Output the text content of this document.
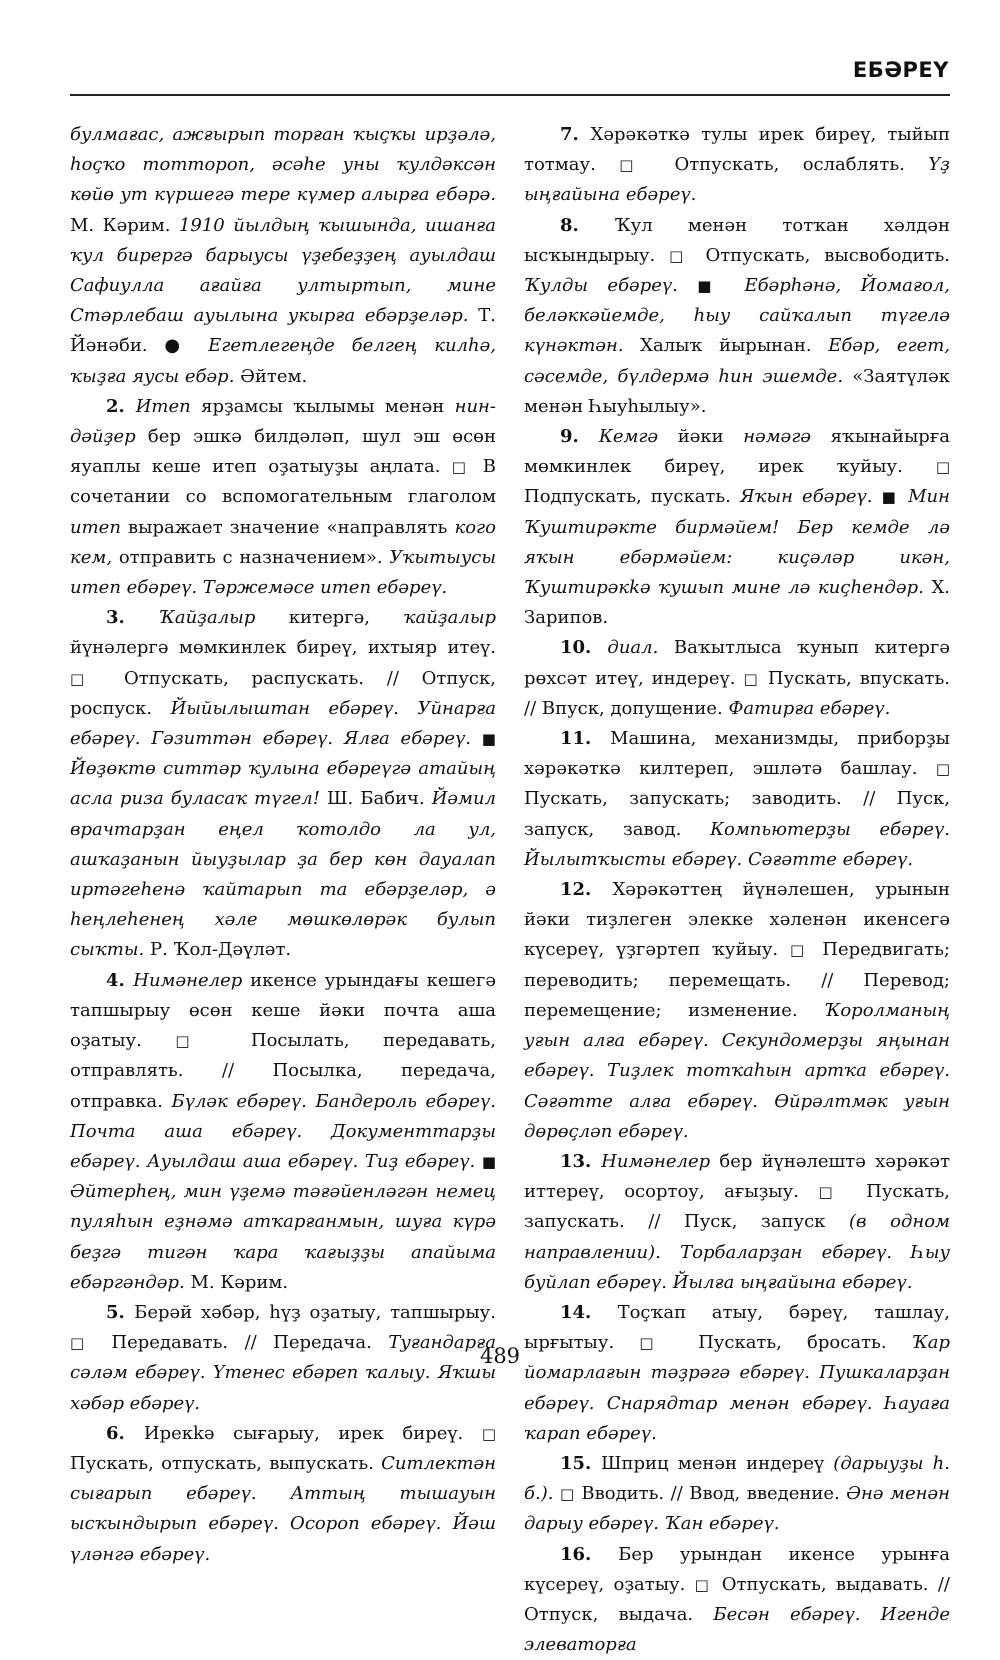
ЕБӘРЕҮ

булмағас, ажғырып торған ҡыҫҡы ирҙәлә, һоҫҡо тотторoп, әсәһе уны ҡулдәксән көйө ут күршегә тере күмер алырға ебәрә. М. Кәрим. 1910 йылдың ҡышында, ишанға ҡул бирергә барыусы үҙебеҙҙең ауылдаш Сафиулла ағайға ултыртып, мине Стәрлебаш ауылына укырға ебәрҙеләр. Т. Йәнәби. ● Егетлегеңде белгең килһә, ҡыҙға яусы ебәр. Әйтем.

2. Итеп ярҙамсы ҡылымы менән нин-дәйҙер бер эшкә билдәләп, шул эш өсөн яуаплы кеше итеп оҙатыуҙы аңлата. □ В сочетании со вспомогательным глаголом итеп выражает значение «направлять кого кем, отправить с назначением». Уҡытыусы итеп ебәреү. Тәржемәсе итеп ебәреү.

3. Ҡайҙалыр китергә, ҡайҙалыр йүнәлергә мөмкинлек биреү, ихтыяр итеү. □ Отпускать, распускать. // Отпуск, роспуск. Йыйылыштан ебәреү. Уйнарға ебәреү. Гәзиттән ебәреү. Ялға ебәреү. ■ Йөҙөктө ситтәр ҡулына ебәреүгә атайың асла риза буласаҡ түгел! Ш. Бабич. Йәмил врачтарҙан еңел ҡотолдо ла ул, ашҡаҙанын йыуҙылар ҙа бер көн дауалап иртәгеһенә ҡайтарып та ебәрҙеләр, ә һеңлеһенең хәле мөшкөлөрәк булып сыҡты. Р. Ҡол-Дәүләт.

4. Нимәнелер икенсе урындағы кешегә тапшырыу өсөн кеше йәки почта аша оҙатыу. □ Посылать, передавать, отправлять. // Посылка, передача, отправка. Бүләк ебәреү. Бандероль ебәреү. Почта аша ебәреү. Документтарҙы ебәреү. Ауылдаш аша ебәреү. Тиҙ ебәреү. ■ Әйтерһең, мин үҙемә тәғәйенләгән немец пуляһын еҙнәмә атҡарғанмын, шуға күрә беҙгә тигән ҡара ҡағыҙҙы апайыма ебәргәндәр. М. Кәрим.

5. Берәй хәбәр, һүҙ оҙатыу, тапшырыу. □ Передавать. // Передача. Туғандарға сәләм ебәреү. Үтенес ебәреп ҡалыу. Яҡшы хәбәр ебәреү.

6. Ирекkә сығарыу, ирек биреү. □ Пускать, отпускать, выпускать. Ситлектән сығарып ебәреү. Аттың тышауын ысҡындырып ебәреү. Осороп ебәреү. Йәш үләнгә ебәреү.

7. Хәрәкәткә тулы ирек биреү, тыйып тотмау. □ Отпускать, ослаблять. Үҙ ыңғайына ебәреү.

8. Ҡул менән тотҡан хәлдән ысҡындырыу. □ Отпускать, высвободить. Ҡулды ебәреү. ■ Ебәрһәнә, Йомағол, беләккәйемде, һыу сайҡалып түгелә күнәктән. Халыҡ йырынан. Ебәр, егет, сәсемде, бүлдермә һин эшемде. «Заятүләк менән Һыуһылыу».

9. Кемгә йәки нәмәгә яҡынайырға мөмкинлек биреү, ирек ҡуйыу. □ Подпускать, пускать. Яҡын ебәреү. ■ Мин Ҡуштирәкте бирмәйем! Бер кемде лә яҡын ебәрмәйем: киҫәләр икән, Ҡуштирәкkә ҡушып мине лә киҫһендәр. Х. Зарипов.

10. диал. Ваҡытлыса ҡунып китергә рөхсәт итеү, индереү. □ Пускать, впускать. // Впуск, допущение. Фатирға ебәреү.

11. Машина, механизмды, приборҙы хәрәкәткә килтереп, эшләтә башлау. □ Пускать, запускать; заводить. // Пуск, запуск, завод. Компьютерҙы ебәреү. Йылытҡысты ебәреү. Сәғәтте ебәреү.

12. Хәрәкәттең йүнәлешен, урынын йәки тиҙлеген элекке хәленән икенсегә күсереү, үҙгәртеп ҡуйыу. □ Передвигать; переводить; перемещать. // Перевод; перемещение; изменение. Ҡоролманың уғын алға ебәреү. Секундомерҙы яңынан ебәреү. Тиҙлек тотҡаһын артҡа ебәреү. Сәғәтте алға ебәреү. Өйрәлтмәк уғын дөрөҫләп ебәреү.

13. Нимәнелер бер йүнәлештә хәрәкәт иттереү, осортоу, ағыҙыу. □ Пускать, запускать. // Пуск, запуск (в одном направлении). Торбаларҙан ебәреү. Һыу буйлап ебәреү. Йылға ыңғайына ебәреү.

14. Тоҫҡап атыу, бәреү, ташлау, ырғытыу. □ Пускать, бросать. Ҡар йомарлағын тәҙрәгә ебәреү. Пушкаларҙан ебәреү. Снарядтар менән ебәреү. Һауаға ҡарап ебәреү.

15. Шприц менән индереү (дарыуҙы һ. б.). □ Вводить. // Ввод, введение. Әнә менән дарыу ебәреү. Ҡан ебәреү.

16. Бер урындан икенсе урынға күсереү, оҙатыу. □ Отпускать, выдавать. // Отпуск, выдача. Бесән ебәреү. Игенде элеваторға

489
